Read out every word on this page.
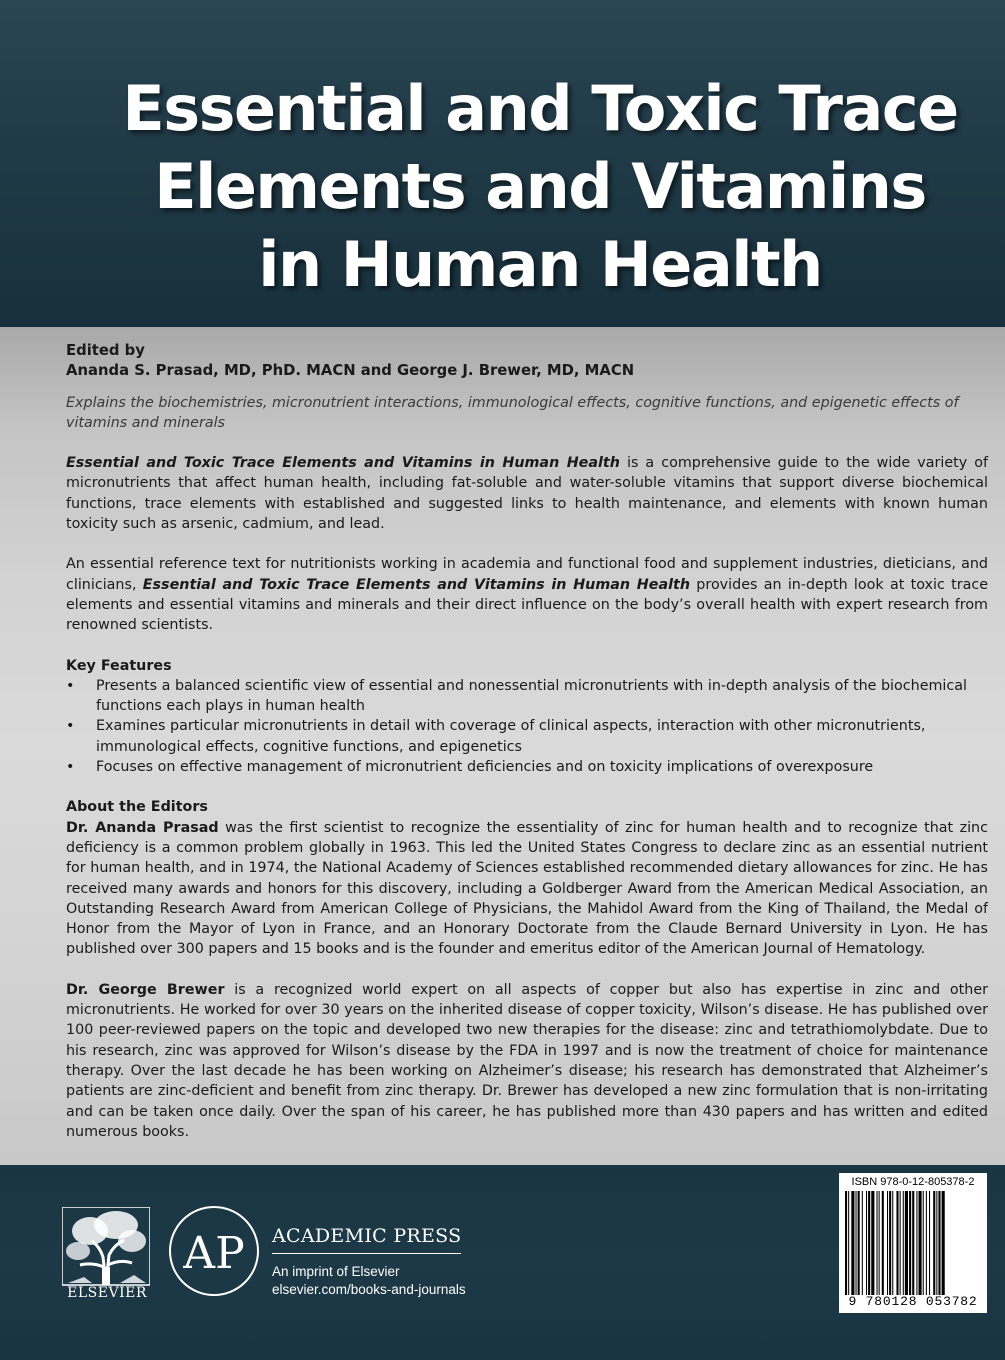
Essential and Toxic Trace
Elements and Vitamins
in Human Health
Edited by
Ananda S. Prasad, MD, PhD. MACN and George J. Brewer, MD, MACN

Explains the biochemistries, micronutrient interactions, immunological effects, cognitive functions, and epigenetic effects of vitamins and minerals

Essential and Toxic Trace Elements and Vitamins in Human Health is a comprehensive guide to the wide variety of micronutrients that affect human health, including fat-soluble and water-soluble vitamins that support diverse biochemical functions, trace elements with established and suggested links to health maintenance, and elements with known human toxicity such as arsenic, cadmium, and lead.

An essential reference text for nutritionists working in academia and functional food and supplement industries, dieticians, and clinicians, Essential and Toxic Trace Elements and Vitamins in Human Health provides an in-depth look at toxic trace elements and essential vitamins and minerals and their direct influence on the body’s overall health with expert research from renowned scientists.

Key Features
• Presents a balanced scientific view of essential and nonessential micronutrients with in-depth analysis of the biochemical functions each plays in human health
• Examines particular micronutrients in detail with coverage of clinical aspects, interaction with other micronutrients, immunological effects, cognitive functions, and epigenetics
• Focuses on effective management of micronutrient deficiencies and on toxicity implications of overexposure
About the Editors

Dr. Ananda Prasad was the first scientist to recognize the essentiality of zinc for human health and to recognize that zinc deficiency is a common problem globally in 1963. This led the United States Congress to declare zinc as an essential nutrient for human health, and in 1974, the National Academy of Sciences established recommended dietary allowances for zinc. He has received many awards and honors for this discovery, including a Goldberger Award from the American Medical Association, an Outstanding Research Award from American College of Physicians, the Mahidol Award from the King of Thailand, the Medal of Honor from the Mayor of Lyon in France, and an Honorary Doctorate from the Claude Bernard University in Lyon. He has published over 300 papers and 15 books and is the founder and emeritus editor of the American Journal of Hematology.

Dr. George Brewer is a recognized world expert on all aspects of copper but also has expertise in zinc and other micronutrients. He worked for over 30 years on the inherited disease of copper toxicity, Wilson’s disease. He has published over 100 peer-reviewed papers on the topic and developed two new therapies for the disease: zinc and tetrathiomolybdate. Due to his research, zinc was approved for Wilson’s disease by the FDA in 1997 and is now the treatment of choice for maintenance therapy. Over the last decade he has been working on Alzheimer’s disease; his research has demonstrated that Alzheimer’s patients are zinc-deficient and benefit from zinc therapy. Dr. Brewer has developed a new zinc formulation that is non-irritating and can be taken once daily. Over the span of his career, he has published more than 430 papers and has written and edited numerous books.

ELSEVIER
AP ACADEMIC PRESS
An imprint of Elsevier
elsevier.com/books-and-journals
ISBN 978-0-12-805378-2
9 780128 053782
